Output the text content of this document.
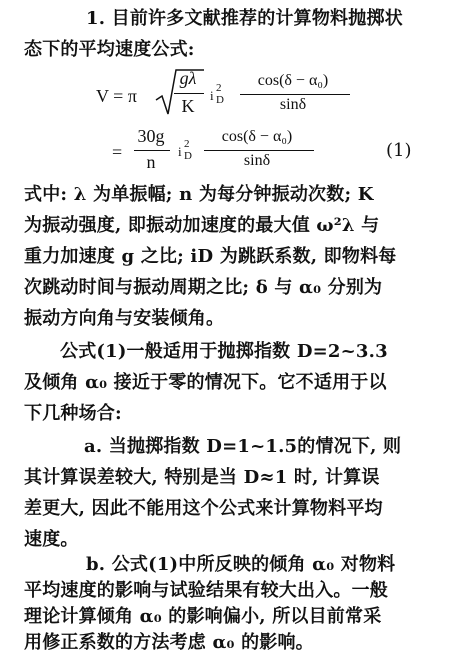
1. 目前许多文献推荐的计算物料抛掷状
态下的平均速度公式:
V = π
gλ
K
i 2
D
cos(δ − α₀)
sinδ
=
30g
n
i 2
D
cos(δ − α₀)
sinδ	(1)
式中: λ 为单振幅; n 为每分钟振动次数; K
为振动强度, 即振动加速度的最大值 ω²λ 与
重力加速度 g 之比; iD 为跳跃系数, 即物料每
次跳动时间与振动周期之比; δ 与 α₀ 分别为
振动方向角与安装倾角。
公式(1)一般适用于抛掷指数 D=2~3.3
及倾角 α₀ 接近于零的情况下。它不适用于以
下几种场合:
a. 当抛掷指数 D=1~1.5的情况下, 则
其计算误差较大, 特别是当 D≈1 时, 计算误
差更大, 因此不能用这个公式来计算物料平均
速度。
b. 公式(1)中所反映的倾角 α₀ 对物料
平均速度的影响与试验结果有较大出入。一般
理论计算倾角 α₀ 的影响偏小, 所以目前常采
用修正系数的方法考虑 α₀ 的影响。
